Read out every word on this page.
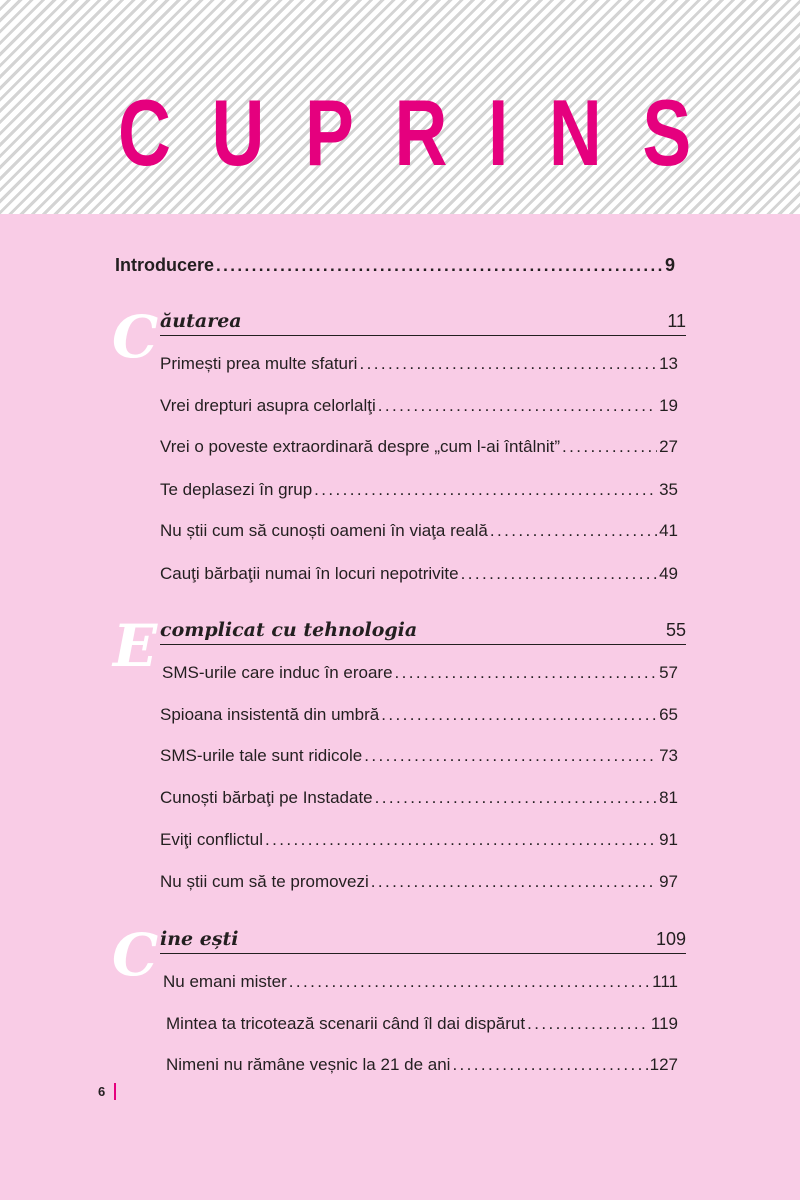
CUPRINS
Introducere .....	9
C ăutarea	11
Primești prea multe sfaturi .....	13
Vrei drepturi asupra celorlalţi .....	19
Vrei o poveste extraordinară despre „cum l-ai întâlnit” .....	27
Te deplasezi în grup .....	35
Nu știi cum să cunoști oameni în viaţa reală .....	41
Cauţi bărbaţii numai în locuri nepotrivite .....	49
E complicat cu tehnologia	55
SMS-urile care induc în eroare .....	57
Spioana insistentă din umbră .....	65
SMS-urile tale sunt ridicole .....	73
Cunoști bărbaţi pe Instadate .....	81
Eviţi conflictul .....	91
Nu știi cum să te promovezi .....	97
C ine ești	109
Nu emani mister .....	111
Mintea ta tricotează scenarii când îl dai dispărut .....	119
Nimeni nu rămâne veșnic la 21 de ani .....	127
6
